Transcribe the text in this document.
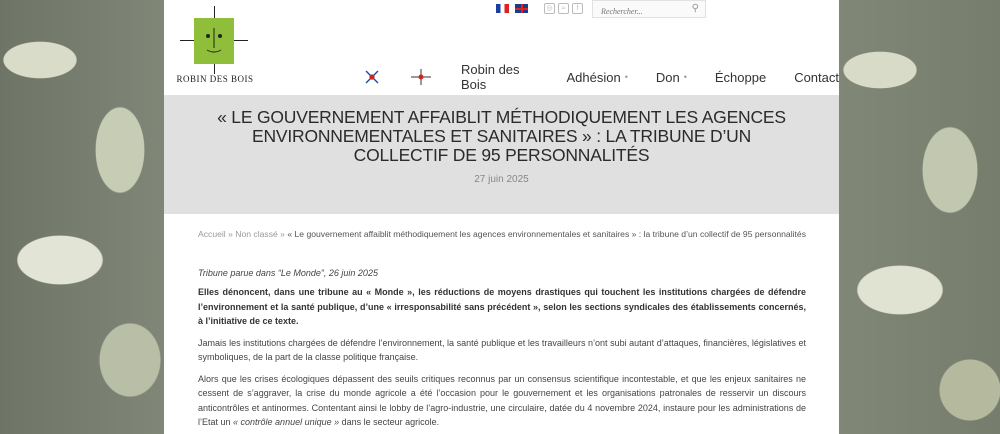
ROBIN DES BOIS
◎	≈	f
Rechercher...	⚲
Robin des Bois	Adhésion • Don • Échoppe Contact
« LE GOUVERNEMENT AFFAIBLIT MÉTHODIQUEMENT LES AGENCES ENVIRONNEMENTALES ET SANITAIRES » : LA TRIBUNE D’UN COLLECTIF DE 95 PERSONNALITÉS
27 juin 2025
Accueil » Non classé » « Le gouvernement affaiblit méthodiquement les agences environnementales et sanitaires » : la tribune d’un collectif de 95 personnalités
Tribune parue dans “Le Monde”, 26 juin 2025

Elles dénoncent, dans une tribune au « Monde », les réductions de moyens drastiques qui touchent les institutions chargées de défendre l’environnement et la santé publique, d’une « irresponsabilité sans précédent », selon les sections syndicales des établissements concernés, à l’initiative de ce texte.

Jamais les institutions chargées de défendre l’environnement, la santé publique et les travailleurs n’ont subi autant d’attaques, financières, législatives et symboliques, de la part de la classe politique française.

Alors que les crises écologiques dépassent des seuils critiques reconnus par un consensus scientifique incontestable, et que les enjeux sanitaires ne cessent de s’aggraver, la crise du monde agricole a été l’occasion pour le gouvernement et les organisations patronales de resservir un discours anticontrôles et antinormes. Contentant ainsi le lobby de l’agro-industrie, une circulaire, datée du 4 novembre 2024, instaure pour les administrations de l’Etat un « contrôle annuel unique » dans le secteur agricole.
